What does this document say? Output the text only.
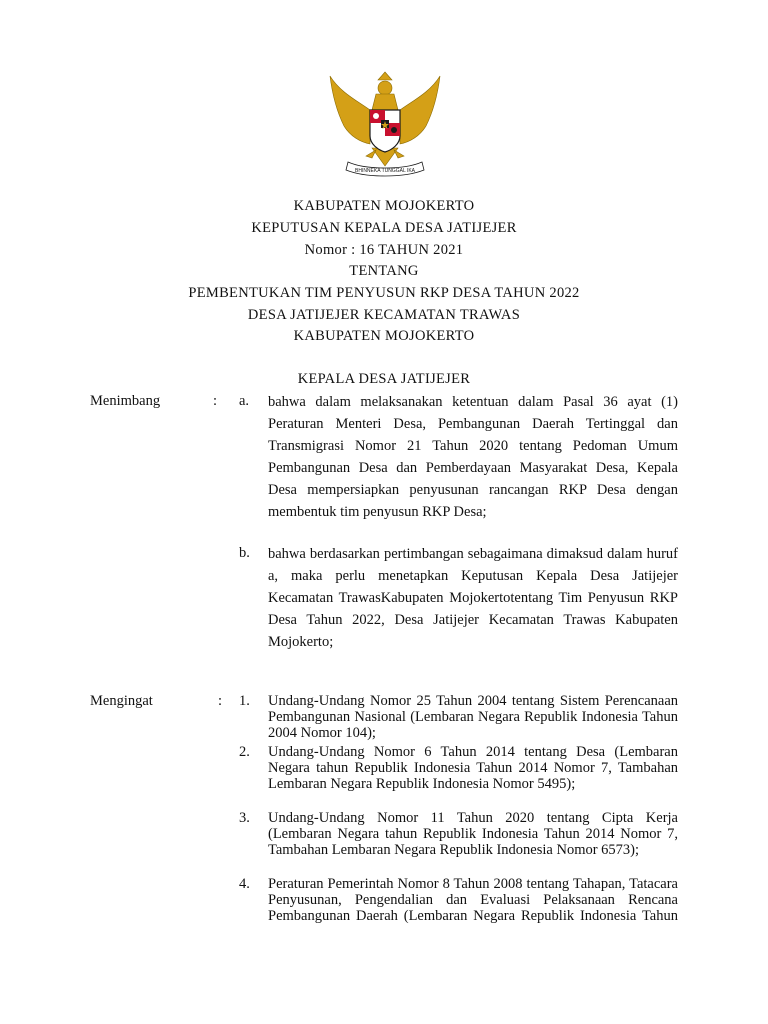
BHINNEKA TUNGGAL IKA
KABUPATEN MOJOKERTO
KEPUTUSAN KEPALA DESA JATIJEJER
Nomor : 16 TAHUN 2021
TENTANG
PEMBENTUKAN TIM PENYUSUN RKP DESA TAHUN 2022
DESA JATIJEJER KECAMATAN TRAWAS
KABUPATEN MOJOKERTO
KEPALA DESA JATIJEJER
Menimbang	: a. bahwa dalam melaksanakan ketentuan dalam Pasal 36 ayat (1) Peraturan Menteri Desa, Pembangunan Daerah Tertinggal dan Transmigrasi Nomor 21 Tahun 2020 tentang Pedoman Umum Pembangunan Desa dan Pemberdayaan Masyarakat Desa, Kepala Desa mempersiapkan penyusunan rancangan RKP Desa dengan membentuk tim penyusun RKP Desa;
b. bahwa berdasarkan pertimbangan sebagaimana dimaksud dalam huruf a, maka perlu menetapkan Keputusan Kepala Desa Jatijejer Kecamatan TrawasKabupaten Mojokertotentang Tim Penyusun RKP Desa Tahun 2022, Desa Jatijejer Kecamatan Trawas Kabupaten Mojokerto;
Mengingat	: 1. Undang-Undang Nomor 25 Tahun 2004 tentang Sistem Perencanaan Pembangunan Nasional (Lembaran Negara Republik Indonesia Tahun 2004 Nomor 104);
2. Undang-Undang Nomor 6 Tahun 2014 tentang Desa (Lembaran Negara tahun Republik Indonesia Tahun 2014 Nomor 7, Tambahan Lembaran Negara Republik Indonesia Nomor 5495);
3. Undang-Undang Nomor 11 Tahun 2020 tentang Cipta Kerja (Lembaran Negara tahun Republik Indonesia Tahun 2014 Nomor 7, Tambahan Lembaran Negara Republik Indonesia Nomor 6573);
4. Peraturan Pemerintah Nomor 8 Tahun 2008 tentang Tahapan, Tatacara Penyusunan, Pengendalian dan Evaluasi Pelaksanaan Rencana Pembangunan Daerah (Lembaran Negara Republik Indonesia Tahun
